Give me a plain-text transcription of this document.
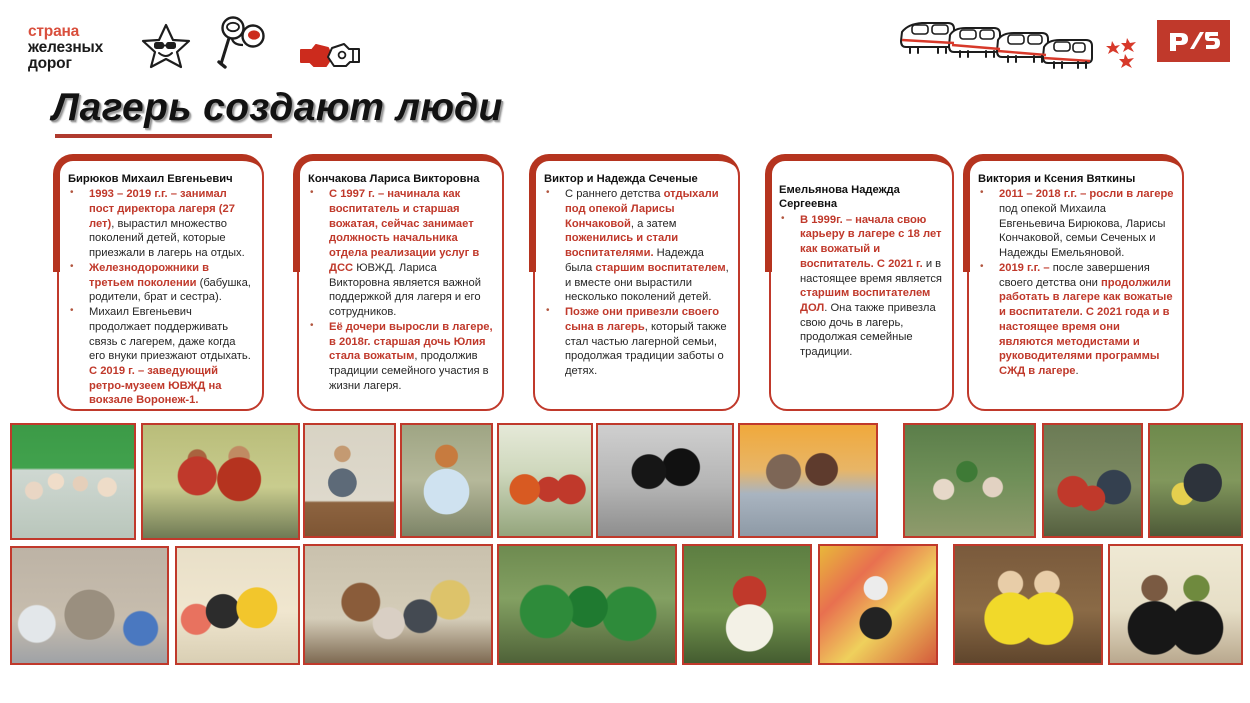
страна
железных
дорог
Лагерь создают люди
Бирюков Михаил Евгеньевич
• 1993 – 2019 г.г. – занимал пост директора лагеря (27 лет), вырастил множество поколений детей, которые приезжали в лагерь на отдых.
• Железнодорожники в третьем поколении (бабушка, родители, брат и сестра).
• Михаил Евгеньевич продолжает поддерживать связь с лагерем, даже когда его внуки приезжают отдыхать. С 2019 г. – заведующий ретро-музеем ЮВЖД на вокзале Воронеж-1.
Кончакова Лариса Викторовна
• С 1997 г. – начинала как воспитатель и старшая вожатая, сейчас занимает должность начальника отдела реализации услуг в ДСС ЮВЖД. Лариса Викторовна является важной поддержкой для лагеря и его сотрудников.
• Её дочери выросли в лагере, в 2018г. старшая дочь Юлия стала вожатым, продолжив традиции семейного участия в жизни лагеря.
Виктор и Надежда Сеченые
• С раннего детства отдыхали под опекой Ларисы Кончаковой, а затем поженились и стали воспитателями. Надежда была старшим воспитателем, и вместе они вырастили несколько поколений детей.
• Позже они привезли своего сына в лагерь, который также стал частью лагерной семьи, продолжая традиции заботы о детях.
Емельянова Надежда Сергеевна
• В 1999г. – начала свою карьеру в лагере с 18 лет как вожатый и воспитатель. С 2021 г. и в настоящее время является старшим воспитателем ДОЛ. Она также привезла свою дочь в лагерь, продолжая семейные традиции.
Виктория и Ксения Вяткины
• 2011 – 2018 г.г. – росли в лагере под опекой Михаила Евгеньевича Бирюкова, Ларисы Кончаковой, семьи Сеченых и Надежды Емельяновой.
• 2019 г.г. – после завершения своего детства они продолжили работать в лагере как вожатые и воспитатели. С 2021 года и в настоящее время они являются методистами и руководителями программы СЖД в лагере.
